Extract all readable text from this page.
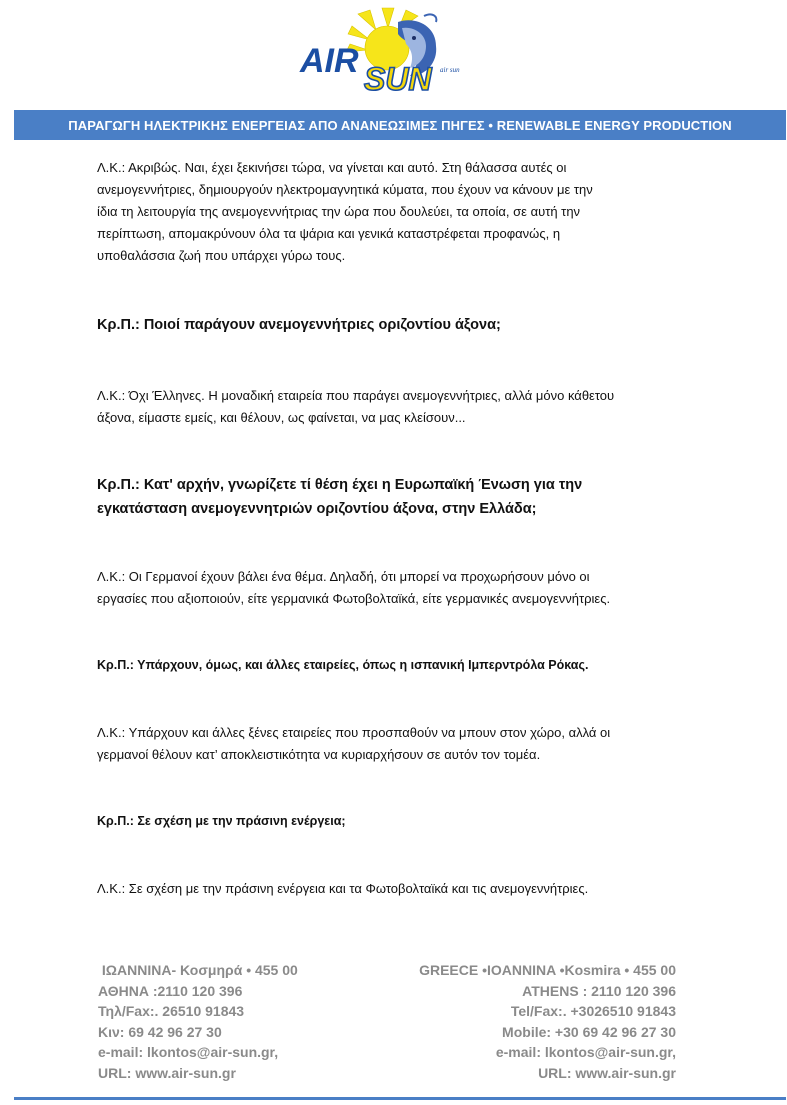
AIR SUN air sun
ΠΑΡΑΓΩΓΗ ΗΛΕΚΤΡΙΚΗΣ ΕΝΕΡΓΕΙΑΣ ΑΠΟ ΑΝΑΝΕΩΣΙΜΕΣ ΠΗΓΕΣ • RENEWABLE ENERGY PRODUCTION

Λ.Κ.: Ακριβώς. Ναι, έχει ξεκινήσει τώρα, να γίνεται και αυτό. Στη θάλασσα αυτές οι

ανεμογεννήτριες, δημιουργούν ηλεκτρομαγνητικά κύματα, που έχουν να κάνουν με την

ίδια τη λειτουργία της ανεμογεννήτριας την ώρα που δουλεύει, τα οποία, σε αυτή την

περίπτωση, απομακρύνουν όλα τα ψάρια και γενικά καταστρέφεται προφανώς, η

υποθαλάσσια ζωή που υπάρχει γύρω τους.

Κρ.Π.: Ποιοί παράγουν ανεμογεννήτριες οριζοντίου άξονα;

Λ.Κ.: Όχι Έλληνες. Η μοναδική εταιρεία που παράγει ανεμογεννήτριες, αλλά μόνο κάθετου

άξονα, είμαστε εμείς, και θέλουν, ως φαίνεται, να μας κλείσουν...

Κρ.Π.: Κατ' αρχήν, γνωρίζετε τί θέση έχει η Ευρωπαϊκή Ένωση για την

εγκατάσταση ανεμογεννητριών οριζοντίου άξονα, στην Ελλάδα;

Λ.Κ.: Οι Γερμανοί έχουν βάλει ένα θέμα. Δηλαδή, ότι μπορεί να προχωρήσουν μόνο οι

εργασίες που αξιοποιούν, είτε γερμανικά Φωτοβολταϊκά, είτε γερμανικές ανεμογεννήτριες.

Κρ.Π.: Υπάρχουν, όμως, και άλλες εταιρείες, όπως η ισπανική Ιμπερντρόλα Ρόκας.

Λ.Κ.: Υπάρχουν και άλλες ξένες εταιρείες που προσπαθούν να μπουν στον χώρο, αλλά οι

γερμανοί θέλουν κατ’ αποκλειστικότητα να κυριαρχήσουν σε αυτόν τον τομέα.

Κρ.Π.: Σε σχέση με την πράσινη ενέργεια;

Λ.Κ.: Σε σχέση με την πράσινη ενέργεια και τα Φωτοβολταϊκά και τις ανεμογεννήτριες.

ΙΩΑΝΝΙΝΑ- Κοσμηρά • 455 00
ΑΘΗΝΑ :2110 120 396
Τηλ/Fax:. 26510 91843
Κιν: 69 42 96 27 30
e-mail: lkontos@air-sun.gr,
URL: www.air-sun.gr
GREECE •IOANNINA •Kosmira • 455 00
ATHENS : 2110 120 396
Tel/Fax:. +3026510 91843
Mobile: +30 69 42 96 27 30
e-mail: lkontos@air-sun.gr,
URL: www.air-sun.gr
